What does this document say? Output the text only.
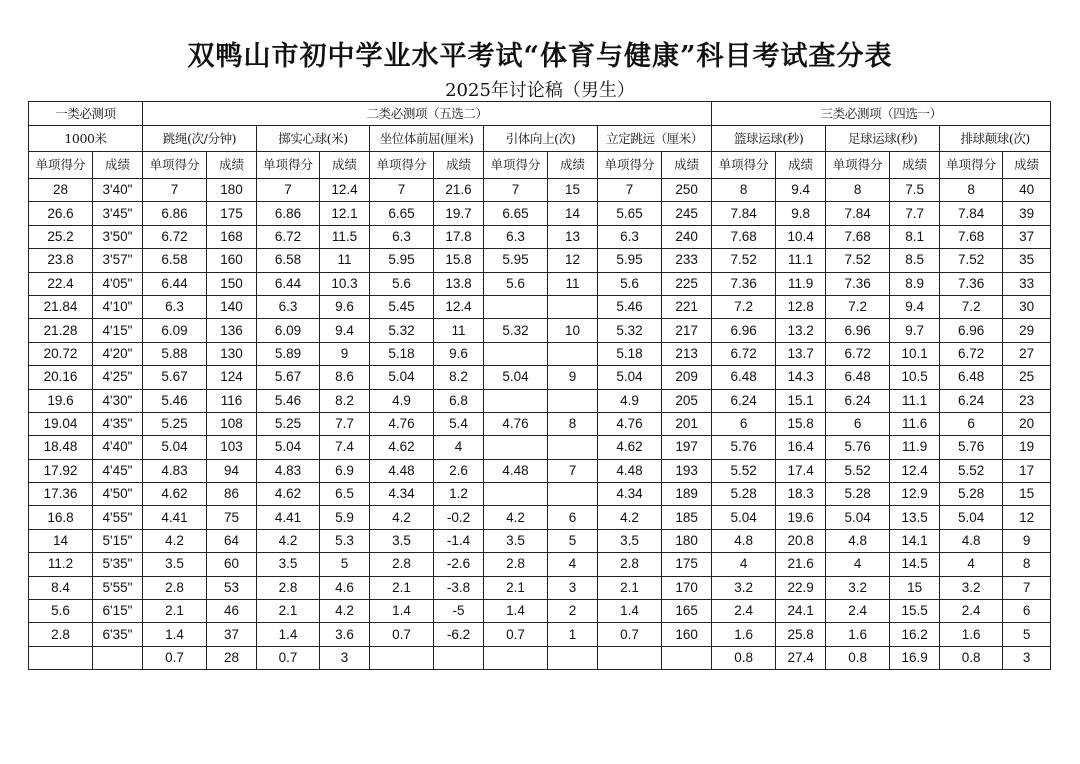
双鸭山市初中学业水平考试“体育与健康”科目考试查分表
2025年讨论稿（男生）
一类必测项		二类必测项（五选二）										三类必测项（四选一）					
1000米		跳绳(次/分钟)		掷实心球(米)		坐位体前屈(厘米)		引体向上(次)		立定跳远（厘米）		篮球运球(秒)		足球运球(秒)		排球颠球(次)	
单项得分	成绩	单项得分	成绩	单项得分	成绩	单项得分	成绩	单项得分	成绩	单项得分	成绩	单项得分	成绩	单项得分	成绩	单项得分	成绩
28	3'40"	7	180	7	12.4	7	21.6	7	15	7	250	8	9.4	8	7.5	8	40
26.6	3'45"	6.86	175	6.86	12.1	6.65	19.7	6.65	14	5.65	245	7.84	9.8	7.84	7.7	7.84	39
25.2	3'50"	6.72	168	6.72	11.5	6.3	17.8	6.3	13	6.3	240	7.68	10.4	7.68	8.1	7.68	37
23.8	3'57"	6.58	160	6.58	11	5.95	15.8	5.95	12	5.95	233	7.52	11.1	7.52	8.5	7.52	35
22.4	4'05"	6.44	150	6.44	10.3	5.6	13.8	5.6	11	5.6	225	7.36	11.9	7.36	8.9	7.36	33
21.84	4'10"	6.3	140	6.3	9.6	5.45	12.4			5.46	221	7.2	12.8	7.2	9.4	7.2	30
21.28	4'15"	6.09	136	6.09	9.4	5.32	11	5.32	10	5.32	217	6.96	13.2	6.96	9.7	6.96	29
20.72	4'20"	5.88	130	5.89	9	5.18	9.6			5.18	213	6.72	13.7	6.72	10.1	6.72	27
20.16	4'25"	5.67	124	5.67	8.6	5.04	8.2	5.04	9	5.04	209	6.48	14.3	6.48	10.5	6.48	25
19.6	4'30"	5.46	116	5.46	8.2	4.9	6.8			4.9	205	6.24	15.1	6.24	11.1	6.24	23
19.04	4'35"	5.25	108	5.25	7.7	4.76	5.4	4.76	8	4.76	201	6	15.8	6	11.6	6	20
18.48	4'40"	5.04	103	5.04	7.4	4.62	4			4.62	197	5.76	16.4	5.76	11.9	5.76	19
17.92	4'45"	4.83	94	4.83	6.9	4.48	2.6	4.48	7	4.48	193	5.52	17.4	5.52	12.4	5.52	17
17.36	4'50"	4.62	86	4.62	6.5	4.34	1.2			4.34	189	5.28	18.3	5.28	12.9	5.28	15
16.8	4'55"	4.41	75	4.41	5.9	4.2	-0.2	4.2	6	4.2	185	5.04	19.6	5.04	13.5	5.04	12
14	5'15"	4.2	64	4.2	5.3	3.5	-1.4	3.5	5	3.5	180	4.8	20.8	4.8	14.1	4.8	9
11.2	5'35"	3.5	60	3.5	5	2.8	-2.6	2.8	4	2.8	175	4	21.6	4	14.5	4	8
8.4	5'55"	2.8	53	2.8	4.6	2.1	-3.8	2.1	3	2.1	170	3.2	22.9	3.2	15	3.2	7
5.6	6'15"	2.1	46	2.1	4.2	1.4	-5	1.4	2	1.4	165	2.4	24.1	2.4	15.5	2.4	6
2.8	6'35"	1.4	37	1.4	3.6	0.7	-6.2	0.7	1	0.7	160	1.6	25.8	1.6	16.2	1.6	5
		0.7	28	0.7	3							0.8	27.4	0.8	16.9	0.8	3
